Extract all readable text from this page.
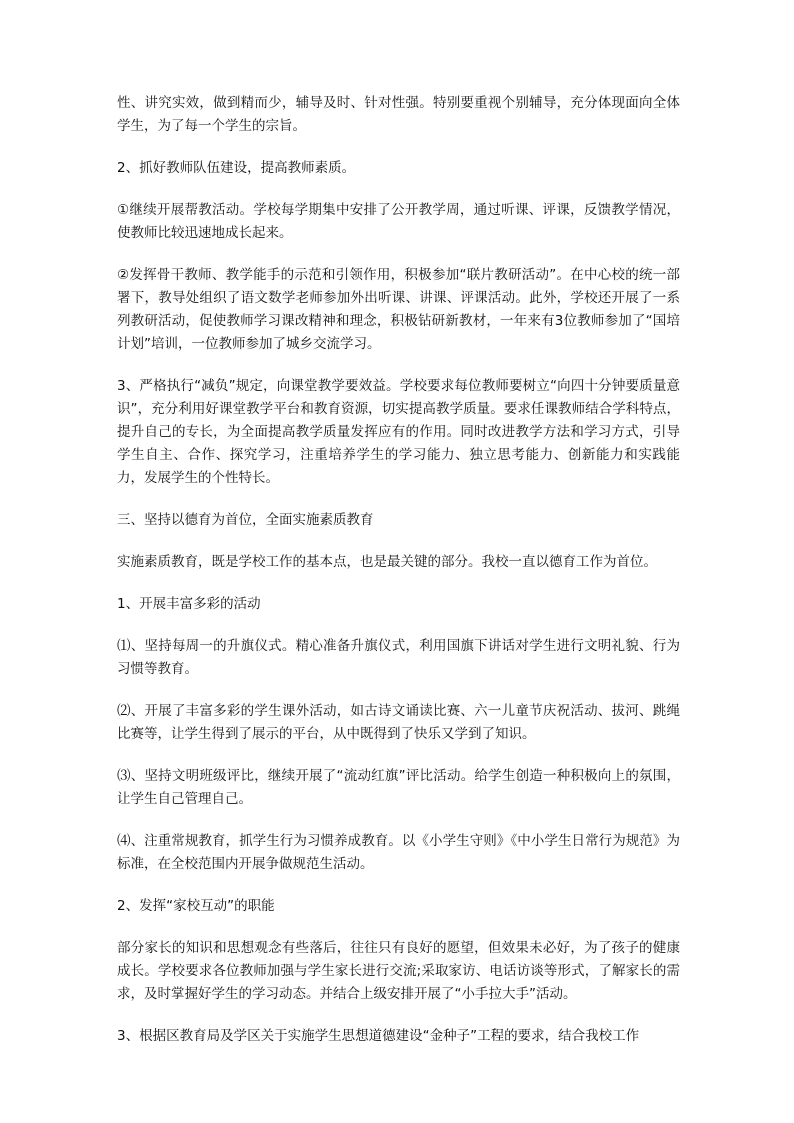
性、讲究实效，做到精而少，辅导及时、针对性强。特别要重视个别辅导，充分体现面向全体学生，为了每一个学生的宗旨。

2、抓好教师队伍建设，提高教师素质。

①继续开展帮教活动。学校每学期集中安排了公开教学周，通过听课、评课，反馈教学情况，使教师比较迅速地成长起来。

②发挥骨干教师、教学能手的示范和引领作用，积极参加“联片教研活动”。在中心校的统一部署下，教导处组织了语文数学老师参加外出听课、讲课、评课活动。此外，学校还开展了一系列教研活动，促使教师学习课改精神和理念，积极钻研新教材，一年来有3位教师参加了“国培计划”培训，一位教师参加了城乡交流学习。

3、严格执行“减负”规定，向课堂教学要效益。学校要求每位教师要树立“向四十分钟要质量意识”，充分利用好课堂教学平台和教育资源，切实提高教学质量。要求任课教师结合学科特点，提升自己的专长，为全面提高教学质量发挥应有的作用。同时改进教学方法和学习方式，引导学生自主、合作、探究学习，注重培养学生的学习能力、独立思考能力、创新能力和实践能力，发展学生的个性特长。

三、坚持以德育为首位，全面实施素质教育

实施素质教育，既是学校工作的基本点，也是最关键的部分。我校一直以德育工作为首位。

1、开展丰富多彩的活动

⑴、坚持每周一的升旗仪式。精心准备升旗仪式，利用国旗下讲话对学生进行文明礼貌、行为习惯等教育。

⑵、开展了丰富多彩的学生课外活动，如古诗文诵读比赛、六一儿童节庆祝活动、拔河、跳绳比赛等，让学生得到了展示的平台，从中既得到了快乐又学到了知识。

⑶、坚持文明班级评比，继续开展了“流动红旗”评比活动。给学生创造一种积极向上的氛围，让学生自己管理自己。

⑷、注重常规教育，抓学生行为习惯养成教育。以《小学生守则》《中小学生日常行为规范》为标准，在全校范围内开展争做规范生活动。

2、发挥“家校互动”的职能

部分家长的知识和思想观念有些落后，往往只有良好的愿望，但效果未必好，为了孩子的健康成长。学校要求各位教师加强与学生家长进行交流;采取家访、电话访谈等形式，了解家长的需求，及时掌握好学生的学习动态。并结合上级安排开展了“小手拉大手”活动。

3、根据区教育局及学区关于实施学生思想道德建设“金种子”工程的要求，结合我校工作
